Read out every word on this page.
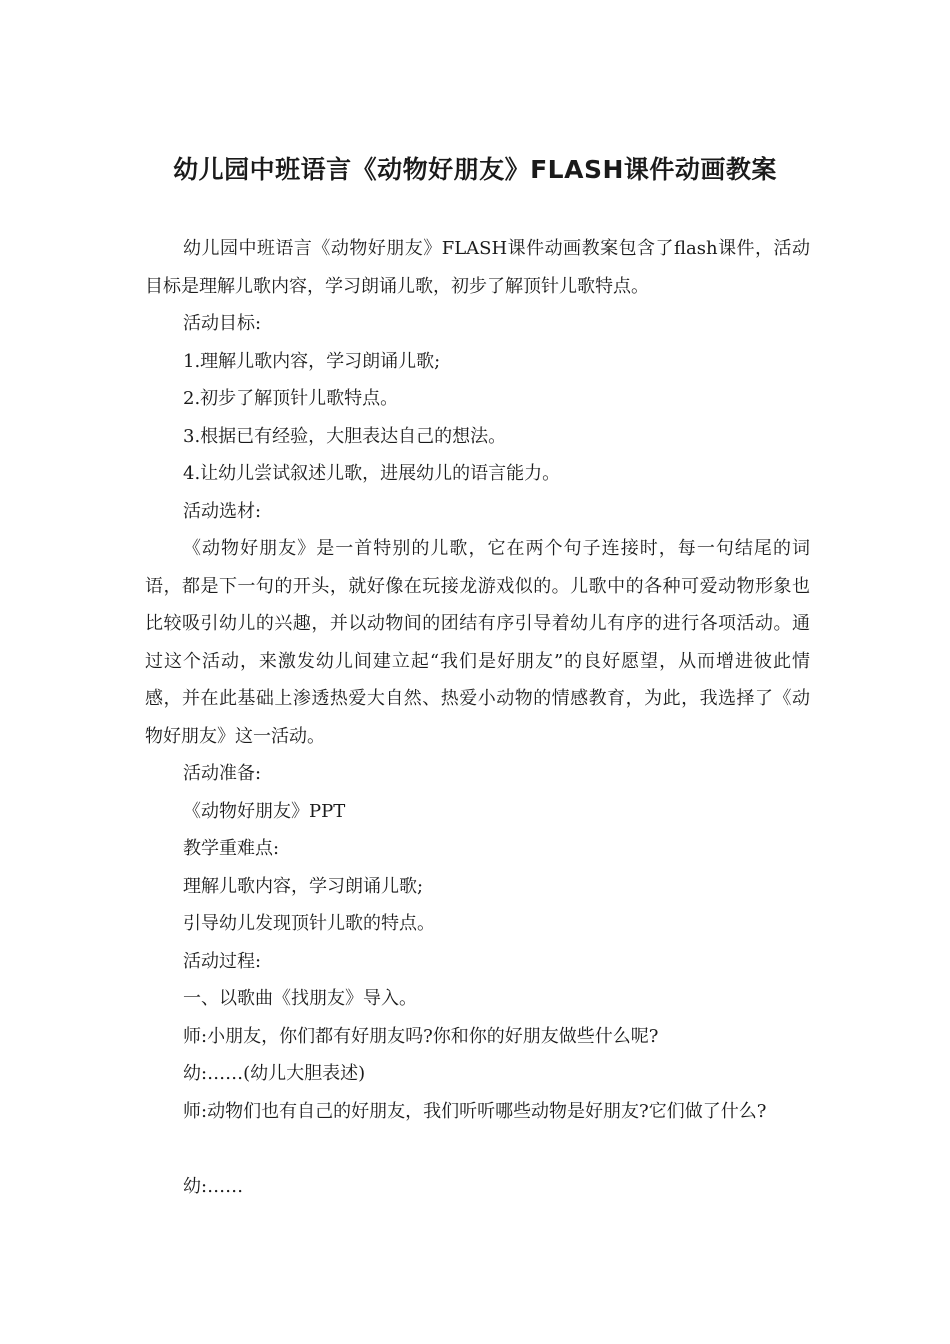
幼儿园中班语言《动物好朋友》FLASH课件动画教案

幼儿园中班语言《动物好朋友》FLASH课件动画教案包含了flash课件，活动目标是理解儿歌内容，学习朗诵儿歌，初步了解顶针儿歌特点。

活动目标:

1.理解儿歌内容，学习朗诵儿歌;

2.初步了解顶针儿歌特点。

3.根据已有经验，大胆表达自己的想法。

4.让幼儿尝试叙述儿歌，进展幼儿的语言能力。

活动选材:

《动物好朋友》是一首特别的儿歌，它在两个句子连接时，每一句结尾的词语，都是下一句的开头，就好像在玩接龙游戏似的。儿歌中的各种可爱动物形象也比较吸引幼儿的兴趣，并以动物间的团结有序引导着幼儿有序的进行各项活动。通过这个活动，来激发幼儿间建立起“我们是好朋友”的良好愿望，从而增进彼此情感，并在此基础上渗透热爱大自然、热爱小动物的情感教育，为此，我选择了《动物好朋友》这一活动。

活动准备:

《动物好朋友》PPT

教学重难点:

理解儿歌内容，学习朗诵儿歌;

引导幼儿发现顶针儿歌的特点。

活动过程:

一、以歌曲《找朋友》导入。

师:小朋友，你们都有好朋友吗?你和你的好朋友做些什么呢?

幼:……(幼儿大胆表述)

师:动物们也有自己的好朋友，我们听听哪些动物是好朋友?它们做了什么?

幼:……
